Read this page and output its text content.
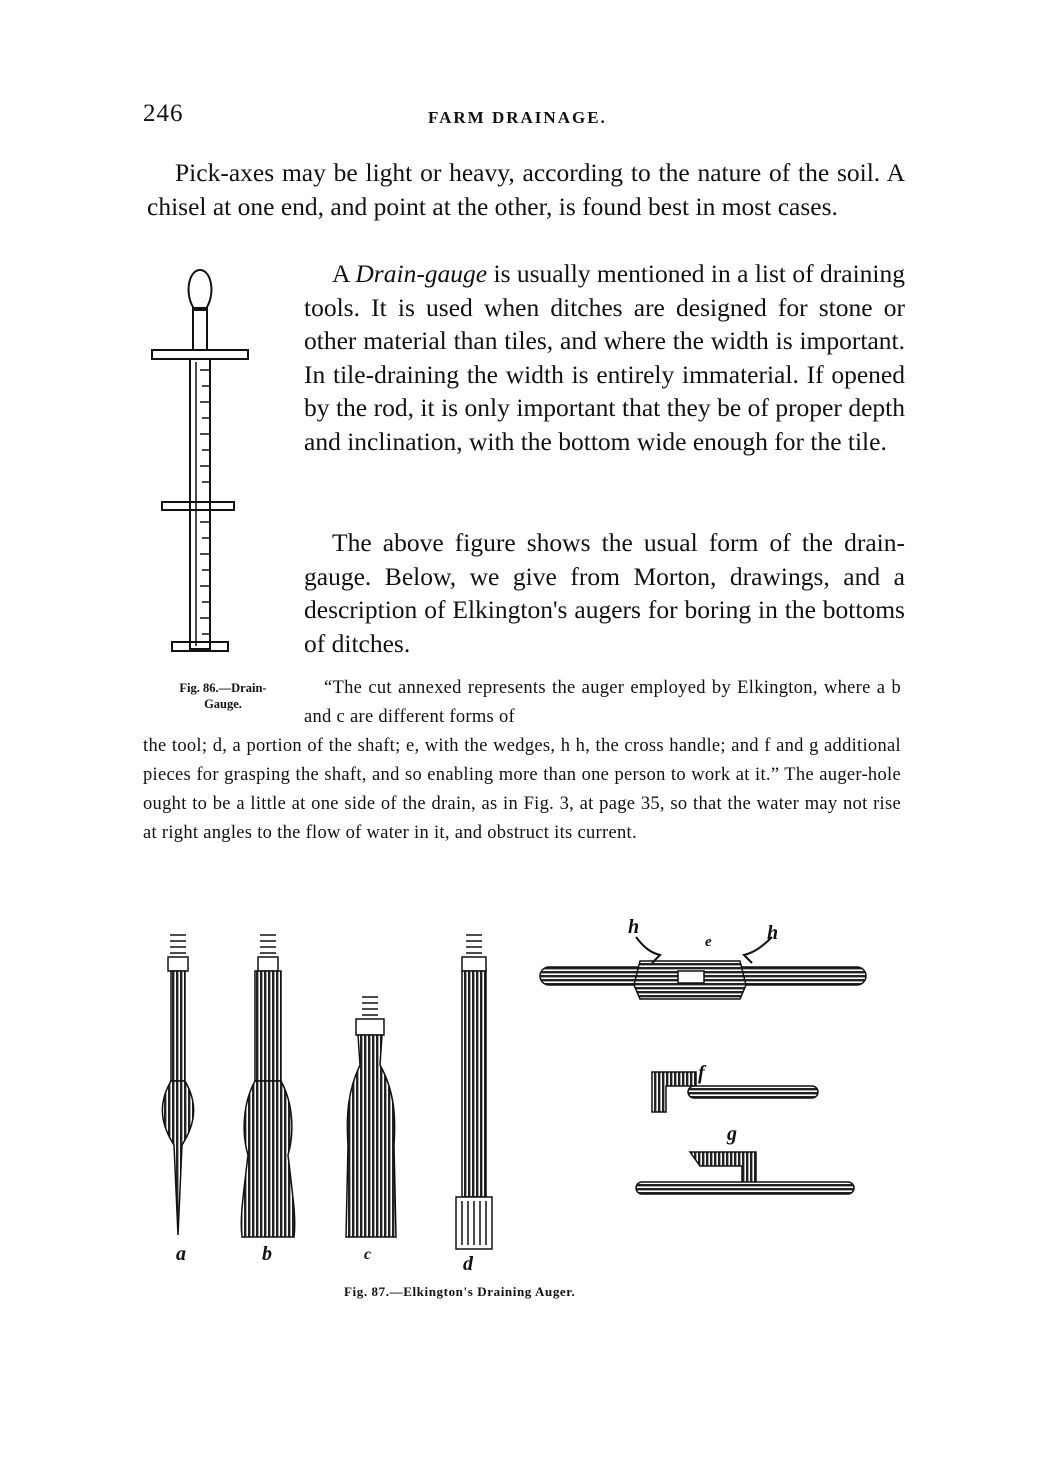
246	FARM DRAINAGE.
Pick-axes may be light or heavy, according to the nature of the soil. A chisel at one end, and point at the other, is found best in most cases.
A Drain-gauge is usually mentioned in a list of draining tools. It is used when ditches are designed for stone or other material than tiles, and where the width is important. In tile-draining the width is entirely immaterial. If opened by the rod, it is only important that they be of proper depth and inclination, with the bottom wide enough for the tile.
The above figure shows the usual form of the drain-gauge. Below, we give from Morton, drawings, and a description of Elkington's augers for boring in the bottoms of ditches.
Fig. 86.—Drain-
Gauge.
“The cut annexed represents the auger employed by Elkington, where a b and c are different forms of
the tool; d, a portion of the shaft; e, with the wedges, h h, the cross handle; and f and g additional pieces for grasping the shaft, and so enabling more than one person to work at it.” The auger-hole ought to be a little at one side of the drain, as in Fig. 3, at page 35, so that the water may not rise at right angles to the flow of water in it, and obstruct its current.
a	b	c	d
e
h	h
f
g
Fig. 87.—Elkington's Draining Auger.
